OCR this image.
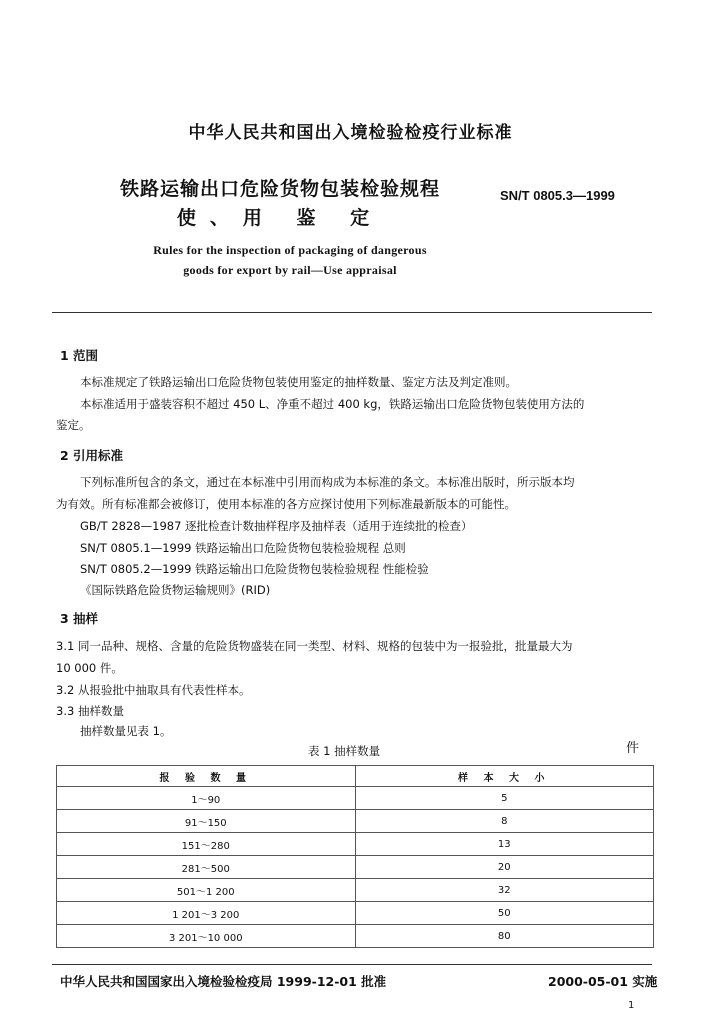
中华人民共和国出入境检验检疫行业标准
铁路运输出口危险货物包装检验规程
使、用 鉴 定
SN/T 0805.3—1999
Rules for the inspection of packaging of dangerous
goods for export by rail—Use appraisal
1 范围
本标准规定了铁路运输出口危险货物包装使用鉴定的抽样数量、鉴定方法及判定准则。
本标准适用于盛装容积不超过 450 L、净重不超过 400 kg，铁路运输出口危险货物包装使用方法的
鉴定。
2 引用标准
下列标准所包含的条文，通过在本标准中引用而构成为本标准的条文。本标准出版时，所示版本均
为有效。所有标准都会被修订，使用本标准的各方应探讨使用下列标准最新版本的可能性。
GB/T 2828—1987 逐批检查计数抽样程序及抽样表（适用于连续批的检查）
SN/T 0805.1—1999 铁路运输出口危险货物包装检验规程 总则
SN/T 0805.2—1999 铁路运输出口危险货物包装检验规程 性能检验
《国际铁路危险货物运输规则》(RID)
3 抽样
3.1 同一品种、规格、含量的危险货物盛装在同一类型、材料、规格的包装中为一报验批，批量最大为
10 000 件。
3.2 从报验批中抽取具有代表性样本。
3.3 抽样数量
抽样数量见表 1。
表 1 抽样数量	件
报 验 数 量	样 本 大 小
1～90	5
91～150	8
151～280	13
281～500	20
501～1 200	32
1 201～3 200	50
3 201～10 000	80
中华人民共和国国家出入境检验检疫局 1999-12-01 批准	2000-05-01 实施
1
